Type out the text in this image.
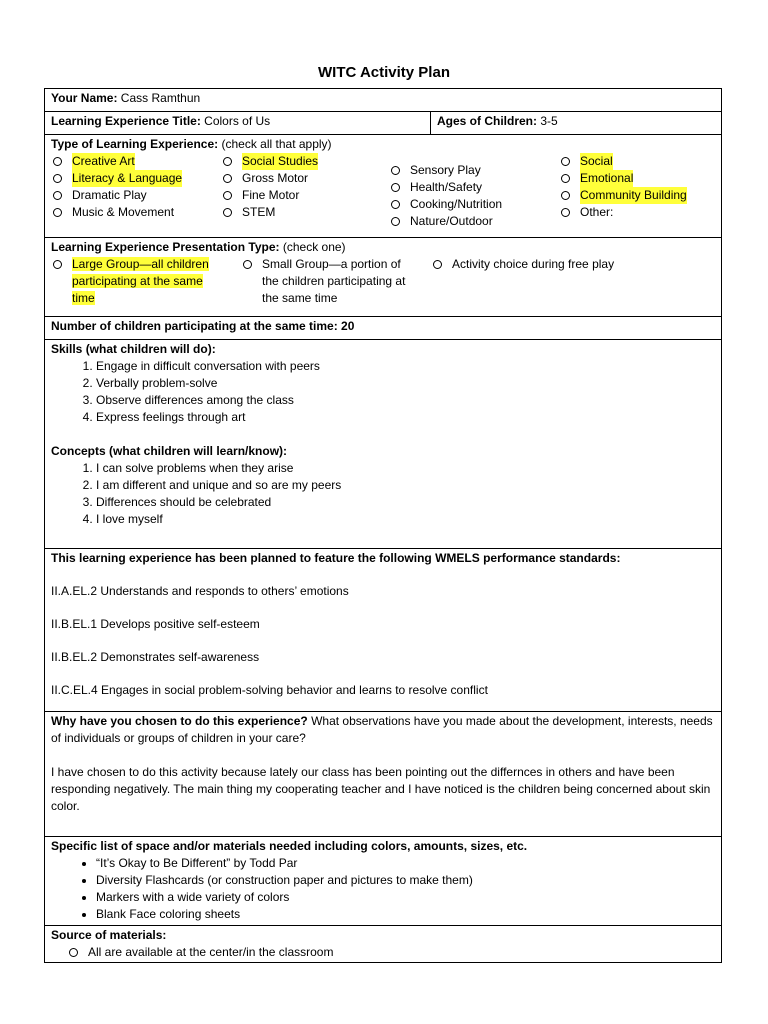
WITC Activity Plan
Your Name: Cass Ramthun
Learning Experience Title: Colors of Us	Ages of Children: 3-5

Type of Learning Experience: (check all that apply)
Creative Art
Literacy & Language
Dramatic Play
Music & Movement
Social Studies
Gross Motor
Fine Motor
STEM
Sensory Play
Health/Safety
Cooking/Nutrition
Nature/Outdoor
Social
Emotional
Community Building
Other:

Learning Experience Presentation Type: (check one)
Large Group—all children participating at the same time
Small Group—a portion of the children participating at the same time
Activity choice during free play

Number of children participating at the same time: 20

Skills (what children will do):
1. Engage in difficult conversation with peers
2. Verbally problem-solve
3. Observe differences among the class
4. Express feelings through art
Concepts (what children will learn/know):
1. I can solve problems when they arise
2. I am different and unique and so are my peers
3. Differences should be celebrated
4. I love myself

This learning experience has been planned to feature the following WMELS performance standards:

II.A.EL.2 Understands and responds to others’ emotions

II.B.EL.1 Develops positive self-esteem

II.B.EL.2 Demonstrates self-awareness

II.C.EL.4 Engages in social problem-solving behavior and learns to resolve conflict

Why have you chosen to do this experience? What observations have you made about the development, interests, needs of individuals or groups of children in your care?

I have chosen to do this activity because lately our class has been pointing out the differnces in others and have been responding negatively. The main thing my cooperating teacher and I have noticed is the children being concerned about skin color.

Specific list of space and/or materials needed including colors, amounts, sizes, etc.
• “It’s Okay to Be Different” by Todd Par
• Diversity Flashcards (or construction paper and pictures to make them)
• Markers with a wide variety of colors
• Blank Face coloring sheets

Source of materials:
All are available at the center/in the classroom
